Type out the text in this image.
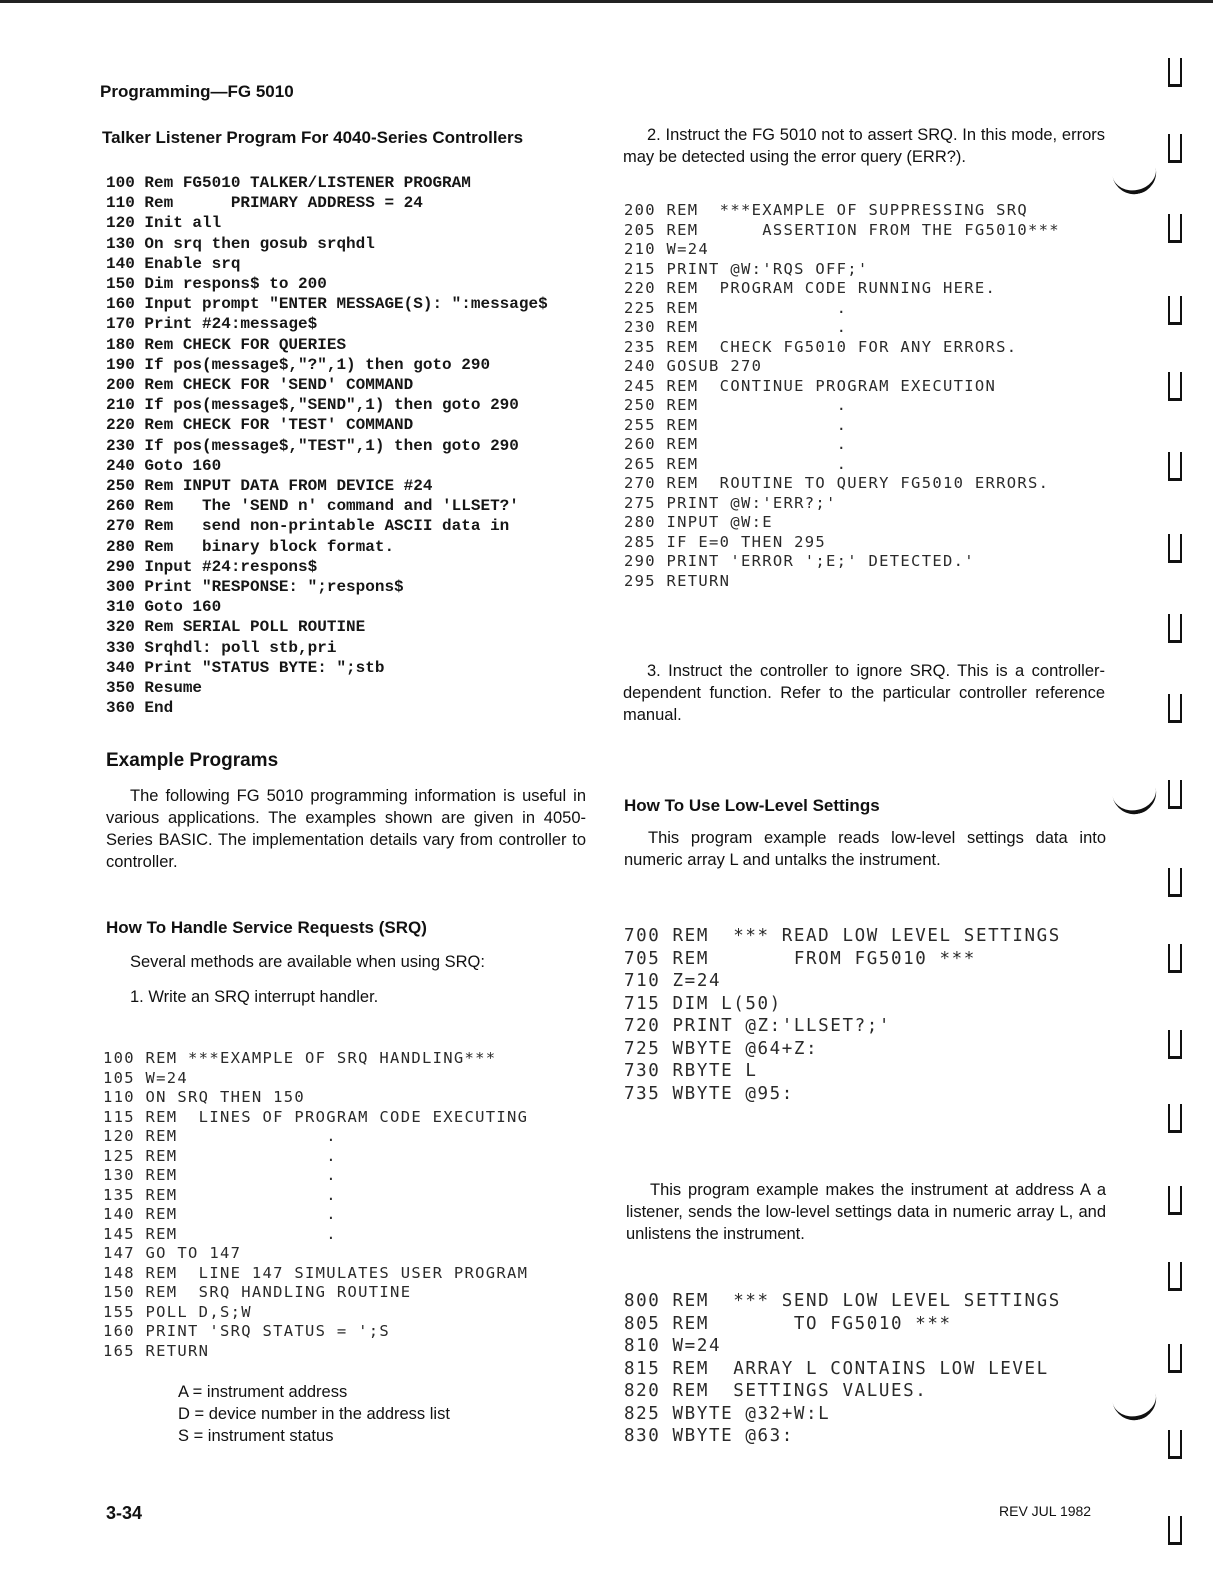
Programming—FG 5010
Talker Listener Program For 4040-Series Controllers
100 Rem FG5010 TALKER/LISTENER PROGRAM
110 Rem      PRIMARY ADDRESS = 24
120 Init all
130 On srq then gosub srqhdl
140 Enable srq
150 Dim respons$ to 200
160 Input prompt "ENTER MESSAGE(S): ":message$
170 Print #24:message$
180 Rem CHECK FOR QUERIES
190 If pos(message$,"?",1) then goto 290
200 Rem CHECK FOR 'SEND' COMMAND
210 If pos(message$,"SEND",1) then goto 290
220 Rem CHECK FOR 'TEST' COMMAND
230 If pos(message$,"TEST",1) then goto 290
240 Goto 160
250 Rem INPUT DATA FROM DEVICE #24
260 Rem   The 'SEND n' command and 'LLSET?'
270 Rem   send non-printable ASCII data in
280 Rem   binary block format.
290 Input #24:respons$
300 Print "RESPONSE: ";respons$
310 Goto 160
320 Rem SERIAL POLL ROUTINE
330 Srqhdl: poll stb,pri
340 Print "STATUS BYTE: ";stb
350 Resume
360 End
Example Programs
The following FG 5010 programming information is useful in various applications. The examples shown are given in 4050-Series BASIC. The implementation details vary from controller to controller.
How To Handle Service Requests (SRQ)
Several methods are available when using SRQ:
1. Write an SRQ interrupt handler.
100 REM ***EXAMPLE OF SRQ HANDLING***
105 W=24
110 ON SRQ THEN 150
115 REM  LINES OF PROGRAM CODE EXECUTING
120 REM              .
125 REM              .
130 REM              .
135 REM              .
140 REM              .
145 REM              .
147 GO TO 147
148 REM  LINE 147 SIMULATES USER PROGRAM
150 REM  SRQ HANDLING ROUTINE
155 POLL D,S;W
160 PRINT 'SRQ STATUS = ';S
165 RETURN
A = instrument address
D = device number in the address list
S = instrument status
3-34
2. Instruct the FG 5010 not to assert SRQ. In this mode, errors may be detected using the error query (ERR?).
200 REM  ***EXAMPLE OF SUPPRESSING SRQ
205 REM      ASSERTION FROM THE FG5010***
210 W=24
215 PRINT @W:'RQS OFF;'
220 REM  PROGRAM CODE RUNNING HERE.
225 REM             .
230 REM             .
235 REM  CHECK FG5010 FOR ANY ERRORS.
240 GOSUB 270
245 REM  CONTINUE PROGRAM EXECUTION
250 REM             .
255 REM             .
260 REM             .
265 REM             .
270 REM  ROUTINE TO QUERY FG5010 ERRORS.
275 PRINT @W:'ERR?;'
280 INPUT @W:E
285 IF E=0 THEN 295
290 PRINT 'ERROR ';E;' DETECTED.'
295 RETURN
3. Instruct the controller to ignore SRQ. This is a controller-dependent function. Refer to the particular controller reference manual.
How To Use Low-Level Settings
This program example reads low-level settings data into numeric array L and untalks the instrument.
700 REM  *** READ LOW LEVEL SETTINGS
705 REM       FROM FG5010 ***
710 Z=24
715 DIM L(50)
720 PRINT @Z:'LLSET?;'
725 WBYTE @64+Z:
730 RBYTE L
735 WBYTE @95:
This program example makes the instrument at address A a listener, sends the low-level settings data in numeric array L, and unlistens the instrument.
800 REM  *** SEND LOW LEVEL SETTINGS
805 REM       TO FG5010 ***
810 W=24
815 REM  ARRAY L CONTAINS LOW LEVEL
820 REM  SETTINGS VALUES.
825 WBYTE @32+W:L
830 WBYTE @63:
REV JUL 1982
